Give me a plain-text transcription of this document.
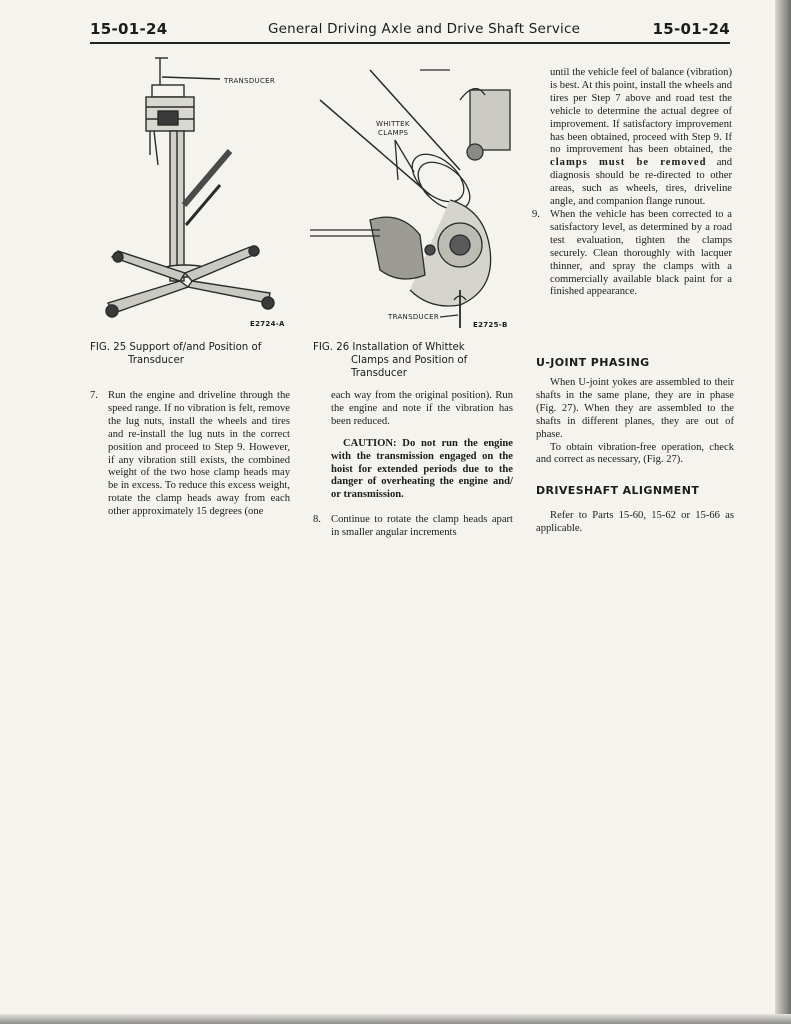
15-01-24	General Driving Axle and Drive Shaft Service	15-01-24
TRANSDUCER
E2724-A
FIG. 25 Support of/and Position of
Transducer
WHITTEK
CLAMPS
TRANSDUCER
E2725-B
FIG. 26 Installation of Whittek
Clamps and Position of
Transducer

7. Run the engine and driveline through the speed range. If no vibration is felt, remove the lug nuts, install the wheels and tires and re-install the lug nuts in the correct position and proceed to Step 9. However, if any vibration still exists, the combined weight of the two hose clamp heads may be in excess. To reduce this excess weight, rotate the clamp heads away from each other approximately 15 degrees (one

each way from the original position). Run the engine and note if the vibration has been reduced.

CAUTION: Do not run the engine with the transmission engaged on the hoist for extended periods due to the danger of overheating the engine and/ or transmission.

8. Continue to rotate the clamp heads apart in smaller angular increments

until the vehicle feel of balance (vibration) is best. At this point, install the wheels and tires per Step 7 above and road test the vehicle to determine the actual degree of improvement. If satisfactory improvement has been obtained, proceed with Step 9. If no improvement has been obtained, the clamps must be removed and diagnosis should be re-directed to other areas, such as wheels, tires, driveline angle, and companion flange runout.

9. When the vehicle has been corrected to a satisfactory level, as determined by a road test evaluation, tighten the clamps securely. Clean thoroughly with lacquer thinner, and spray the clamps with a commercially available black paint for a finished appearance.

U-JOINT PHASING

When U-joint yokes are assembled to their shafts in the same plane, they are in phase (Fig. 27). When they are assembled to the shafts in different planes, they are out of phase.

To obtain vibration-free operation, check and correct as necessary, (Fig. 27).

DRIVESHAFT ALIGNMENT

Refer to Parts 15-60, 15-62 or 15-66 as applicable.
